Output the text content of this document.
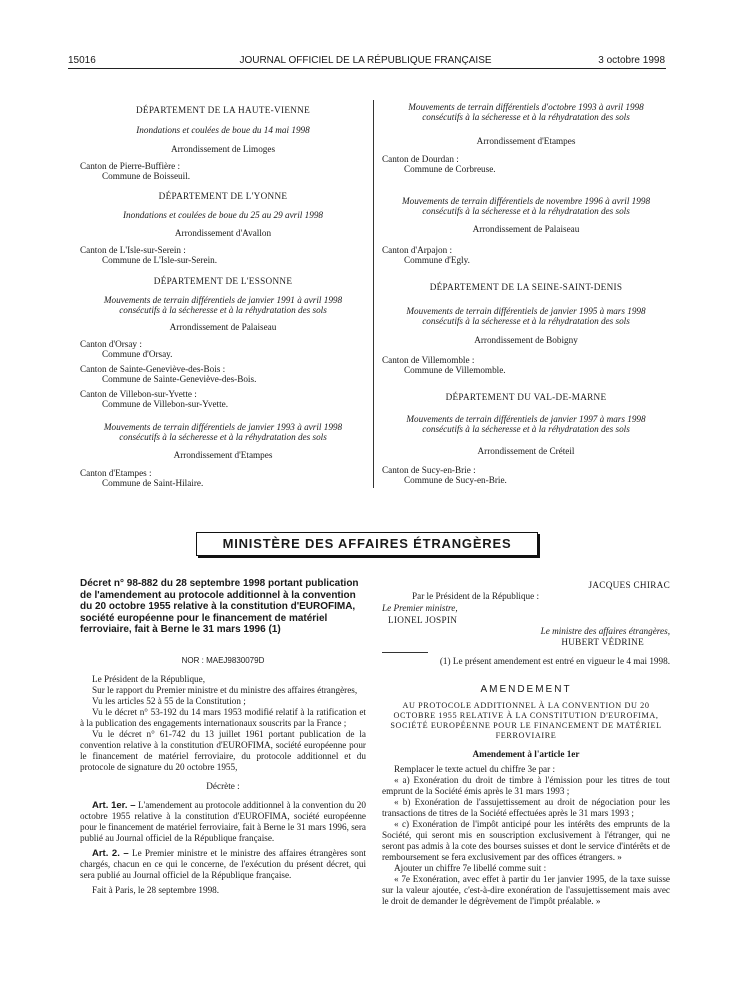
15016	JOURNAL OFFICIEL DE LA RÉPUBLIQUE FRANÇAISE	3 octobre 1998
DÉPARTEMENT DE LA HAUTE-VIENNE
Inondations et coulées de boue du 14 mai 1998
Arrondissement de Limoges
Canton de Pierre-Buffière :
Commune de Boisseuil.
DÉPARTEMENT DE L'YONNE
Inondations et coulées de boue du 25 au 29 avril 1998
Arrondissement d'Avallon
Canton de L'Isle-sur-Serein :
Commune de L'Isle-sur-Serein.
DÉPARTEMENT DE L'ESSONNE
Mouvements de terrain différentiels de janvier 1991 à avril 1998
consécutifs à la sécheresse et à la réhydratation des sols
Arrondissement de Palaiseau
Canton d'Orsay :
Commune d'Orsay.
Canton de Sainte-Geneviève-des-Bois :
Commune de Sainte-Geneviève-des-Bois.
Canton de Villebon-sur-Yvette :
Commune de Villebon-sur-Yvette.
Mouvements de terrain différentiels de janvier 1993 à avril 1998
consécutifs à la sécheresse et à la réhydratation des sols
Arrondissement d'Etampes
Canton d'Etampes :
Commune de Saint-Hilaire.
Mouvements de terrain différentiels d'octobre 1993 à avril 1998
consécutifs à la sécheresse et à la réhydratation des sols
Arrondissement d'Etampes
Canton de Dourdan :
Commune de Corbreuse.
Mouvements de terrain différentiels de novembre 1996 à avril 1998
consécutifs à la sécheresse et à la réhydratation des sols
Arrondissement de Palaiseau
Canton d'Arpajon :
Commune d'Egly.
DÉPARTEMENT DE LA SEINE-SAINT-DENIS
Mouvements de terrain différentiels de janvier 1995 à mars 1998
consécutifs à la sécheresse et à la réhydratation des sols
Arrondissement de Bobigny
Canton de Villemomble :
Commune de Villemomble.
DÉPARTEMENT DU VAL-DE-MARNE
Mouvements de terrain différentiels de janvier 1997 à mars 1998
consécutifs à la sécheresse et à la réhydratation des sols
Arrondissement de Créteil
Canton de Sucy-en-Brie :
Commune de Sucy-en-Brie.
MINISTÈRE DES AFFAIRES ÉTRANGÈRES
Décret n° 98-882 du 28 septembre 1998 portant publication de l'amendement au protocole additionnel à la convention du 20 octobre 1955 relative à la constitution d'EUROFIMA, société européenne pour le financement de matériel ferroviaire, fait à Berne le 31 mars 1996 (1)
NOR : MAEJ9830079D

Le Président de la République,

Sur le rapport du Premier ministre et du ministre des affaires étrangères,

Vu les articles 52 à 55 de la Constitution ;

Vu le décret n° 53-192 du 14 mars 1953 modifié relatif à la ratification et à la publication des engagements internationaux souscrits par la France ;

Vu le décret n° 61-742 du 13 juillet 1961 portant publication de la convention relative à la constitution d'EUROFIMA, société européenne pour le financement de matériel ferroviaire, du protocole additionnel et du protocole de signature du 20 octobre 1955,

Décrète :

Art. 1er. – L'amendement au protocole additionnel à la convention du 20 octobre 1955 relative à la constitution d'EUROFIMA, société européenne pour le financement de matériel ferroviaire, fait à Berne le 31 mars 1996, sera publié au Journal officiel de la République française.

Art. 2. – Le Premier ministre et le ministre des affaires étrangères sont chargés, chacun en ce qui le concerne, de l'exécution du présent décret, qui sera publié au Journal officiel de la République française.

Fait à Paris, le 28 septembre 1998.

JACQUES CHIRAC
Par le Président de la République :
Le Premier ministre,
LIONEL JOSPIN
Le ministre des affaires étrangères,
HUBERT VÉDRINE
(1) Le présent amendement est entré en vigueur le 4 mai 1998.
AMENDEMENT
AU PROTOCOLE ADDITIONNEL À LA CONVENTION DU 20 OCTOBRE 1955 RELATIVE À LA CONSTITUTION D'EUROFIMA, SOCIÉTÉ EUROPÉENNE POUR LE FINANCEMENT DE MATÉRIEL FERROVIAIRE
Amendement à l'article 1er

Remplacer le texte actuel du chiffre 3e par :

« a) Exonération du droit de timbre à l'émission pour les titres de tout emprunt de la Société émis après le 31 mars 1993 ;

« b) Exonération de l'assujettissement au droit de négociation pour les transactions de titres de la Société effectuées après le 31 mars 1993 ;

« c) Exonération de l'impôt anticipé pour les intérêts des emprunts de la Société, qui seront mis en souscription exclusivement à l'étranger, qui ne seront pas admis à la cote des bourses suisses et dont le service d'intérêts et de remboursement se fera exclusivement par des offices étrangers. »

Ajouter un chiffre 7e libellé comme suit :

« 7e Exonération, avec effet à partir du 1er janvier 1995, de la taxe suisse sur la valeur ajoutée, c'est-à-dire exonération de l'assujettissement mais avec le droit de demander le dégrèvement de l'impôt préalable. »
